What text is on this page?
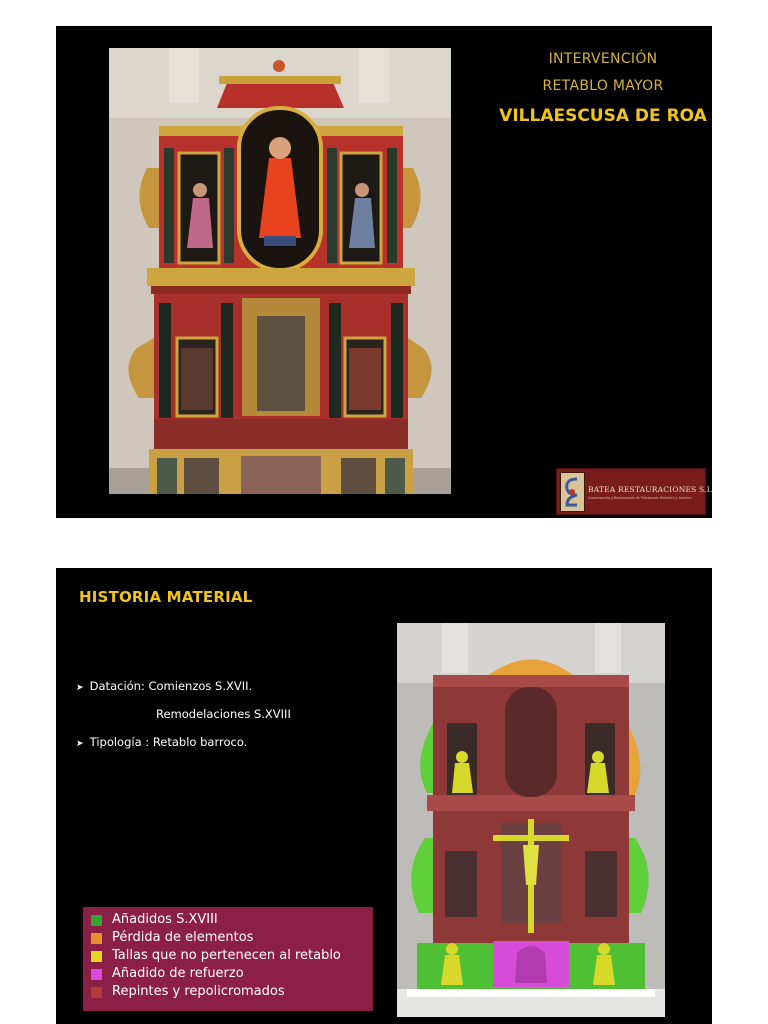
INTERVENCIÓN
RETABLO MAYOR
VILLAESCUSA DE ROA
BATEA RESTAURACIONES S.L.
Conservación y Restauración de Patrimonio Histórico y Artístico
HISTORIA MATERIAL
➤ Datación: Comienzos S.XVII.
Remodelaciones S.XVIII
➤ Tipología : Retablo barroco.
Añadidos S.XVIII
Pérdida de elementos
Tallas que no pertenecen al retablo
Añadido de refuerzo
Repintes y repolicromados
